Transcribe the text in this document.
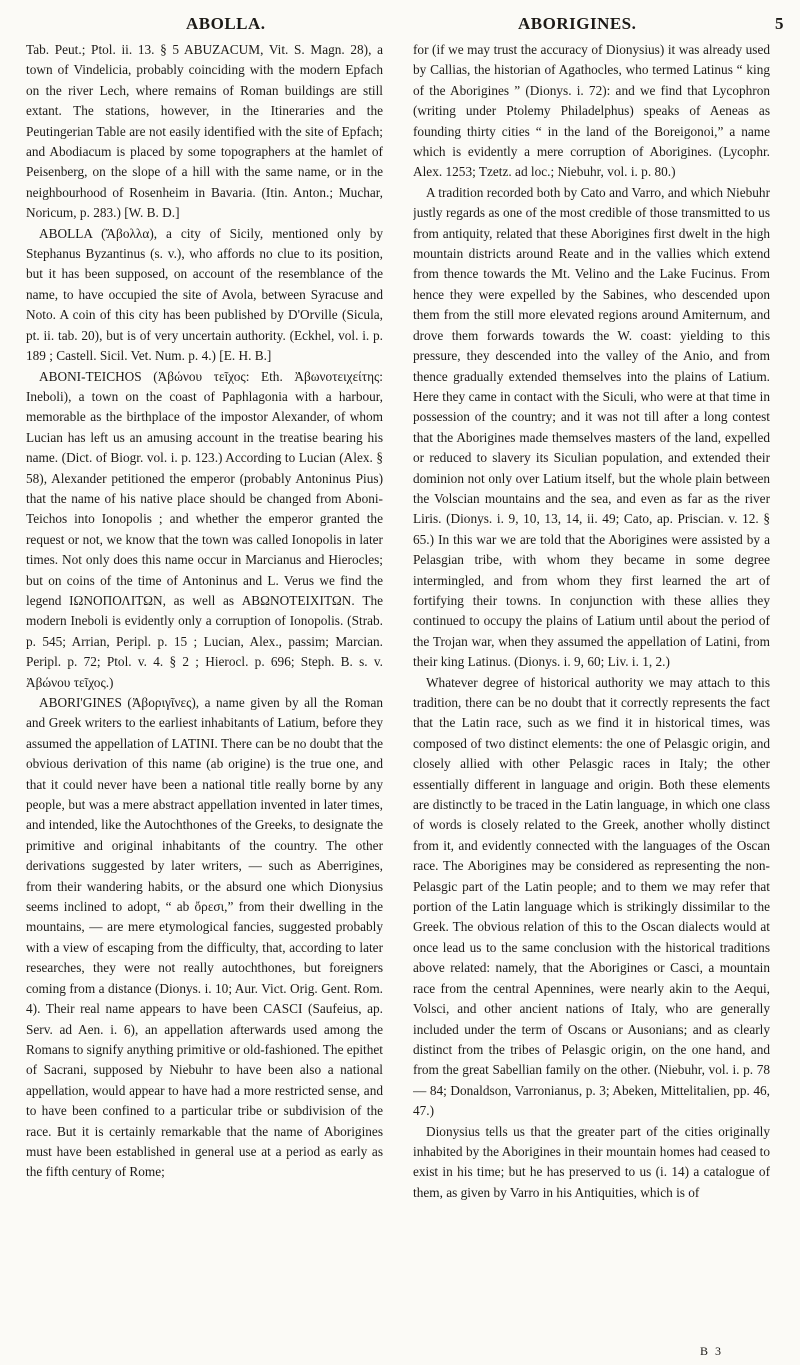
ABOLLA.	ABORIGINES.	5

Tab. Peut.; Ptol. ii. 13. § 5 ABUZACUM, Vit. S. Magn. 28), a town of Vindelicia, probably coinciding with the modern Epfach on the river Lech, where remains of Roman buildings are still extant. The stations, however, in the Itineraries and the Peutingerian Table are not easily identified with the site of Epfach; and Abodiacum is placed by some topographers at the hamlet of Peisenberg, on the slope of a hill with the same name, or in the neighbourhood of Rosenheim in Bavaria. (Itin. Anton.; Muchar, Noricum, p. 283.) [W. B. D.]

ABOLLA (Ἄβολλα), a city of Sicily, mentioned only by Stephanus Byzantinus (s. v.), who affords no clue to its position, but it has been supposed, on account of the resemblance of the name, to have occupied the site of Avola, between Syracuse and Noto. A coin of this city has been published by D'Orville (Sicula, pt. ii. tab. 20), but is of very uncertain authority. (Eckhel, vol. i. p. 189 ; Castell. Sicil. Vet. Num. p. 4.) [E. H. B.]

ABONI-TEICHOS (Ἀβώνου τεῖχος: Eth. Ἀβωνοτειχείτης: Ineboli), a town on the coast of Paphlagonia with a harbour, memorable as the birthplace of the impostor Alexander, of whom Lucian has left us an amusing account in the treatise bearing his name. (Dict. of Biogr. vol. i. p. 123.) According to Lucian (Alex. § 58), Alexander petitioned the emperor (probably Antoninus Pius) that the name of his native place should be changed from Aboni-Teichos into Ionopolis ; and whether the emperor granted the request or not, we know that the town was called Ionopolis in later times. Not only does this name occur in Marcianus and Hierocles; but on coins of the time of Antoninus and L. Verus we find the legend ΙΩΝΟΠΟΛΙΤΩΝ, as well as ΑΒΩΝΟΤΕΙΧΙΤΩΝ. The modern Ineboli is evidently only a corruption of Ionopolis. (Strab. p. 545; Arrian, Peripl. p. 15 ; Lucian, Alex., passim; Marcian. Peripl. p. 72; Ptol. v. 4. § 2 ; Hierocl. p. 696; Steph. B. s. v. Ἀβώνου τεῖχος.)

ABORI'GINES (Ἀβοριγῖνες), a name given by all the Roman and Greek writers to the earliest inhabitants of Latium, before they assumed the appellation of LATINI. There can be no doubt that the obvious derivation of this name (ab origine) is the true one, and that it could never have been a national title really borne by any people, but was a mere abstract appellation invented in later times, and intended, like the Autochthones of the Greeks, to designate the primitive and original inhabitants of the country. The other derivations suggested by later writers, — such as Aberrigines, from their wandering habits, or the absurd one which Dionysius seems inclined to adopt, “ ab ὄρεσι,” from their dwelling in the mountains, — are mere etymological fancies, suggested probably with a view of escaping from the difficulty, that, according to later researches, they were not really autochthones, but foreigners coming from a distance (Dionys. i. 10; Aur. Vict. Orig. Gent. Rom. 4). Their real name appears to have been CASCI (Saufeius, ap. Serv. ad Aen. i. 6), an appellation afterwards used among the Romans to signify anything primitive or old-fashioned. The epithet of Sacrani, supposed by Niebuhr to have been also a national appellation, would appear to have had a more restricted sense, and to have been confined to a particular tribe or subdivision of the race. But it is certainly remarkable that the name of Aborigines must have been established in general use at a period as early as the fifth century of Rome;

for (if we may trust the accuracy of Dionysius) it was already used by Callias, the historian of Agathocles, who termed Latinus “ king of the Aborigines ” (Dionys. i. 72): and we find that Lycophron (writing under Ptolemy Philadelphus) speaks of Aeneas as founding thirty cities “ in the land of the Boreigonoi,” a name which is evidently a mere corruption of Aborigines. (Lycophr. Alex. 1253; Tzetz. ad loc.; Niebuhr, vol. i. p. 80.)

A tradition recorded both by Cato and Varro, and which Niebuhr justly regards as one of the most credible of those transmitted to us from antiquity, related that these Aborigines first dwelt in the high mountain districts around Reate and in the vallies which extend from thence towards the Mt. Velino and the Lake Fucinus. From hence they were expelled by the Sabines, who descended upon them from the still more elevated regions around Amiternum, and drove them forwards towards the W. coast: yielding to this pressure, they descended into the valley of the Anio, and from thence gradually extended themselves into the plains of Latium. Here they came in contact with the Siculi, who were at that time in possession of the country; and it was not till after a long contest that the Aborigines made themselves masters of the land, expelled or reduced to slavery its Siculian population, and extended their dominion not only over Latium itself, but the whole plain between the Volscian mountains and the sea, and even as far as the river Liris. (Dionys. i. 9, 10, 13, 14, ii. 49; Cato, ap. Priscian. v. 12. § 65.) In this war we are told that the Aborigines were assisted by a Pelasgian tribe, with whom they became in some degree intermingled, and from whom they first learned the art of fortifying their towns. In conjunction with these allies they continued to occupy the plains of Latium until about the period of the Trojan war, when they assumed the appellation of Latini, from their king Latinus. (Dionys. i. 9, 60; Liv. i. 1, 2.)

Whatever degree of historical authority we may attach to this tradition, there can be no doubt that it correctly represents the fact that the Latin race, such as we find it in historical times, was composed of two distinct elements: the one of Pelasgic origin, and closely allied with other Pelasgic races in Italy; the other essentially different in language and origin. Both these elements are distinctly to be traced in the Latin language, in which one class of words is closely related to the Greek, another wholly distinct from it, and evidently connected with the languages of the Oscan race. The Aborigines may be considered as representing the non-Pelasgic part of the Latin people; and to them we may refer that portion of the Latin language which is strikingly dissimilar to the Greek. The obvious relation of this to the Oscan dialects would at once lead us to the same conclusion with the historical traditions above related: namely, that the Aborigines or Casci, a mountain race from the central Apennines, were nearly akin to the Aequi, Volsci, and other ancient nations of Italy, who are generally included under the term of Oscans or Ausonians; and as clearly distinct from the tribes of Pelasgic origin, on the one hand, and from the great Sabellian family on the other. (Niebuhr, vol. i. p. 78 — 84; Donaldson, Varronianus, p. 3; Abeken, Mittelitalien, pp. 46, 47.)

Dionysius tells us that the greater part of the cities originally inhabited by the Aborigines in their mountain homes had ceased to exist in his time; but he has preserved to us (i. 14) a catalogue of them, as given by Varro in his Antiquities, which is of

B 3
